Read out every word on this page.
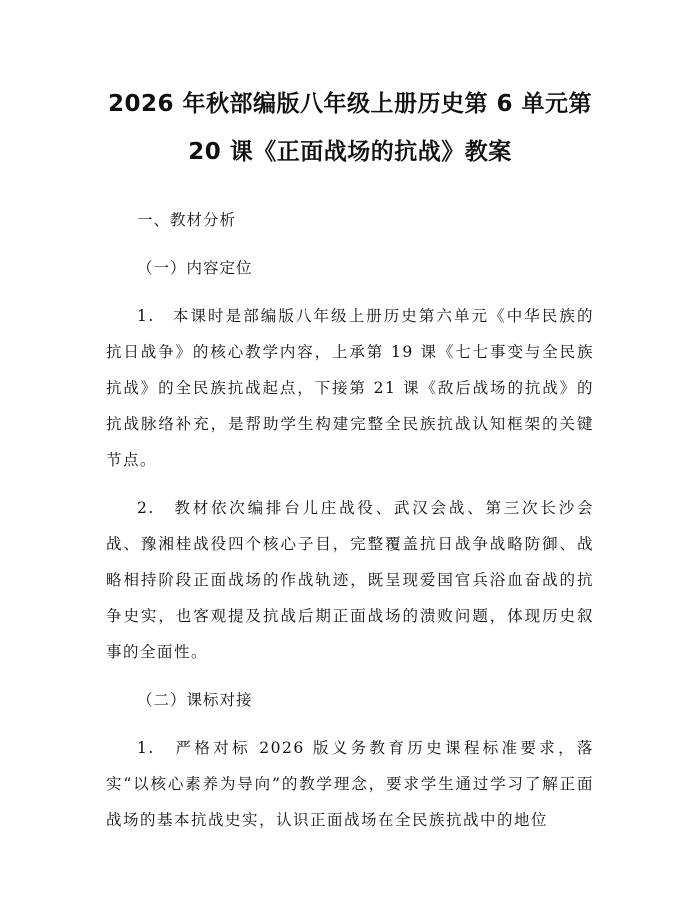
2026 年秋部编版八年级上册历史第 6 单元第
20 课《正面战场的抗战》教案

一、教材分析

（一）内容定位

1.　本课时是部编版八年级上册历史第六单元《中华民族的抗日战争》的核心教学内容，上承第 19 课《七七事变与全民族抗战》的全民族抗战起点，下接第 21 课《敌后战场的抗战》的抗战脉络补充，是帮助学生构建完整全民族抗战认知框架的关键节点。

2.　教材依次编排台儿庄战役、武汉会战、第三次长沙会战、豫湘桂战役四个核心子目，完整覆盖抗日战争战略防御、战略相持阶段正面战场的作战轨迹，既呈现爱国官兵浴血奋战的抗争史实，也客观提及抗战后期正面战场的溃败问题，体现历史叙事的全面性。

（二）课标对接

1.　严格对标 2026 版义务教育历史课程标准要求，落实“以核心素养为导向”的教学理念，要求学生通过学习了解正面战场的基本抗战史实，认识正面战场在全民族抗战中的地位
